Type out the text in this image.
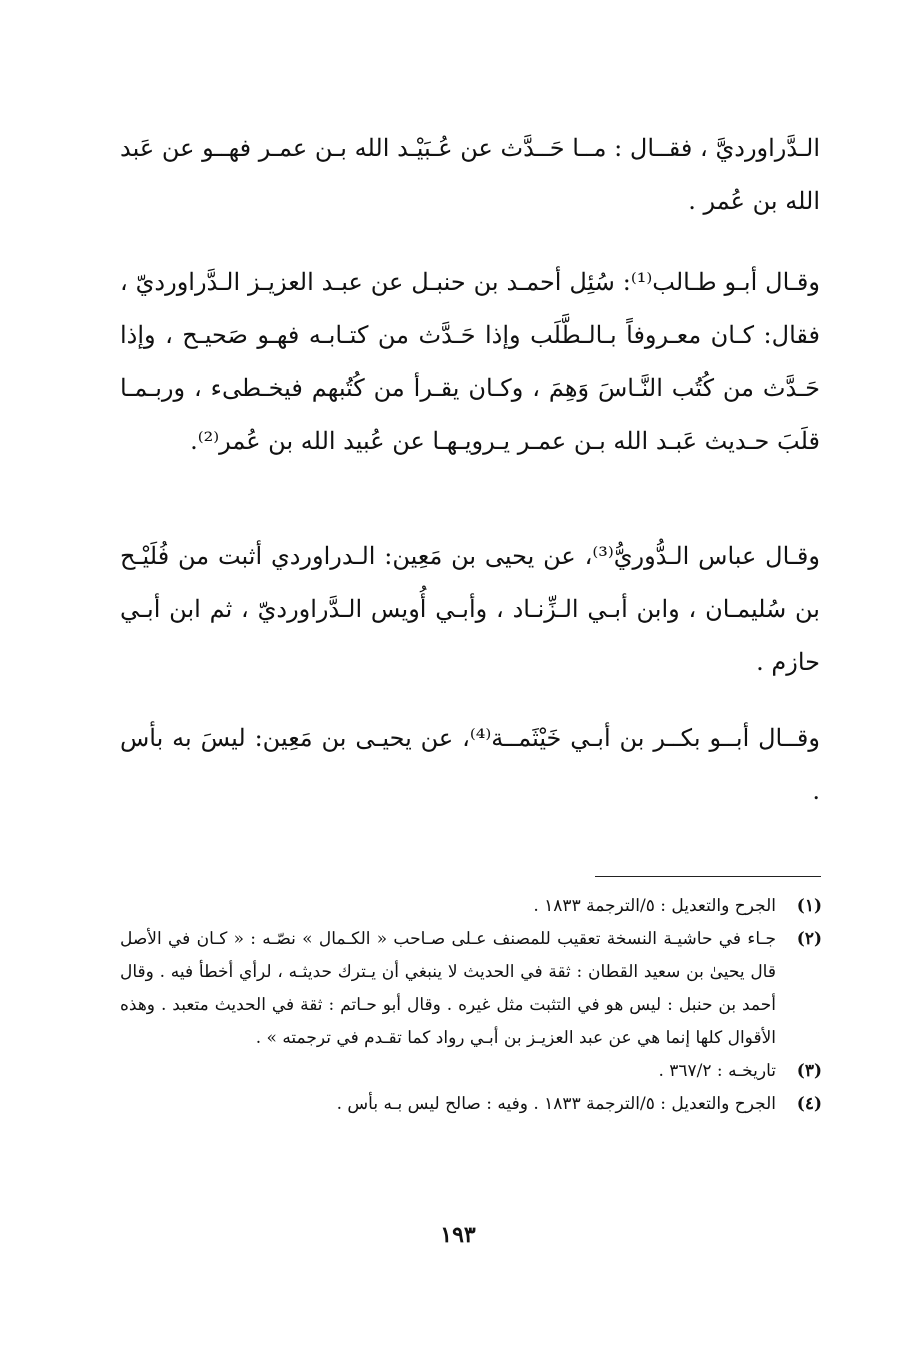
الـدَّراورديَّ ، فقــال : مــا حَــدَّث عن عُـبَيْـد الله بـن عمـر فهــو عن عَبد الله بن عُمر .

وقـال أبـو طـالب⁽¹⁾: سُئِل أحمـد بن حنبـل عن عبـد العزيـز الـدَّراورديّ ، فقال: كـان معـروفاً بـالـطَّلَب وإذا حَـدَّث من كتـابـه فهـو صَحيـح ، وإذا حَـدَّث من كُتُب النَّـاسَ وَهِمَ ، وكـان يقـرأ من كُتُبهم فيخـطىء ، وربـمـا قلَبَ حـديث عَبـد الله بـن عمـر يـرويـهـا عن عُبيد الله بن عُمر⁽²⁾.

وقـال عباس الـدُّوريُّ⁽³⁾، عن يحيى بن مَعِين: الـدراوردي أثبت من فُلَيْـح بن سُليمـان ، وابن أبـي الـزِّنـاد ، وأبـي أُويس الـدَّراورديّ ، ثم ابن أبـي حازم .

وقــال أبــو بكــر بن أبـي خَيْثَمــة⁽⁴⁾، عن يحيـى بن مَعِين: ليسَ به بأس .

(١)
الجرح والتعديل : ٥/الترجمة ١٨٣٣ .
(٢)
جـاء في حاشيـة النسخة تعقيب للمصنف عـلى صـاحب « الكـمال » نصّـه : « كـان في الأصل قال يحيىٰ بن سعيد القطان : ثقة في الحديث لا ينبغي أن يـترك حديثـه ، لرأي أخطأ فيه . وقال أحمد بن حنبل : ليس هو في التثبت مثل غيره . وقال أبو حـاتم : ثقة في الحديث متعبد . وهذه الأقوال كلها إنما هي عن عبد العزيـز بن أبـي رواد كما تقـدم في ترجمته » .
(٣)
تاريخـه : ٣٦٧/٢ .
(٤)
الجرح والتعديل : ٥/الترجمة ١٨٣٣ . وفيه : صالح ليس بـه بأس .
١٩٣
